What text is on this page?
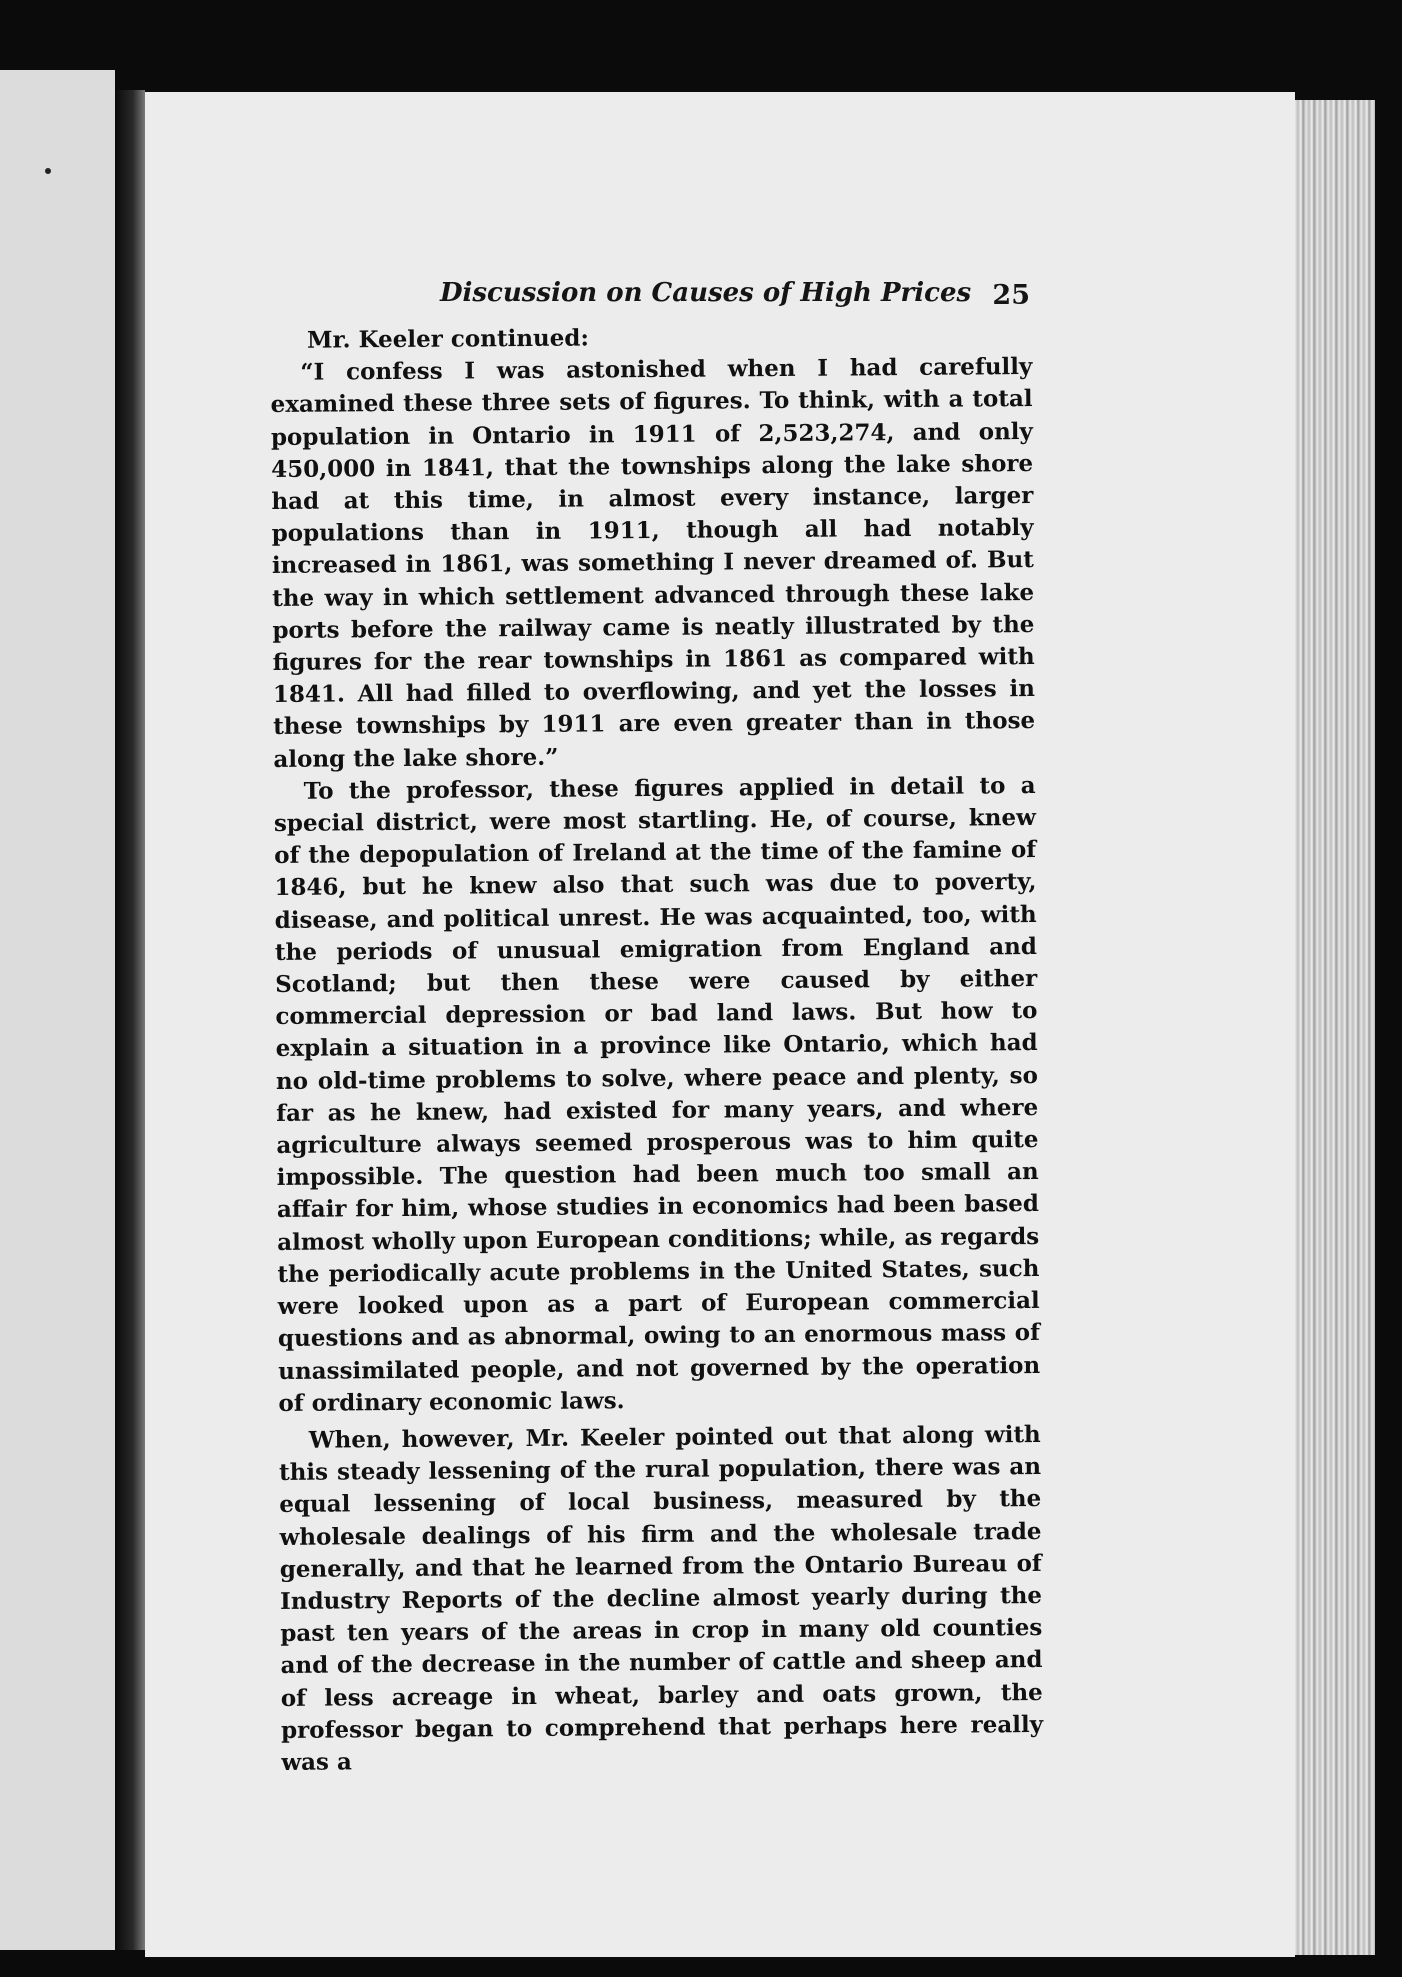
Discussion on Causes of High Prices 25

Mr. Keeler continued:

“I confess I was astonished when I had carefully examined these three sets of figures. To think, with a total population in Ontario in 1911 of 2,523,274, and only 450,000 in 1841, that the townships along the lake shore had at this time, in almost every instance, larger populations than in 1911, though all had notably increased in 1861, was something I never dreamed of. But the way in which settlement advanced through these lake ports before the railway came is neatly illustrated by the figures for the rear townships in 1861 as compared with 1841. All had filled to overflowing, and yet the losses in these townships by 1911 are even greater than in those along the lake shore.”

To the professor, these figures applied in detail to a special district, were most startling. He, of course, knew of the depopulation of Ireland at the time of the famine of 1846, but he knew also that such was due to poverty, disease, and political unrest. He was acquainted, too, with the periods of unusual emigration from England and Scotland; but then these were caused by either commercial depression or bad land laws. But how to explain a situation in a province like Ontario, which had no old-time problems to solve, where peace and plenty, so far as he knew, had existed for many years, and where agriculture always seemed prosperous was to him quite impossible. The question had been much too small an affair for him, whose studies in economics had been based almost wholly upon European conditions; while, as regards the periodically acute problems in the United States, such were looked upon as a part of European commercial questions and as abnormal, owing to an enormous mass of unassimilated people, and not governed by the operation of ordinary economic laws.

When, however, Mr. Keeler pointed out that along with this steady lessening of the rural population, there was an equal lessening of local business, measured by the wholesale dealings of his firm and the wholesale trade generally, and that he learned from the Ontario Bureau of Industry Reports of the decline almost yearly during the past ten years of the areas in crop in many old counties and of the decrease in the number of cattle and sheep and of less acreage in wheat, barley and oats grown, the professor began to comprehend that perhaps here really was a
